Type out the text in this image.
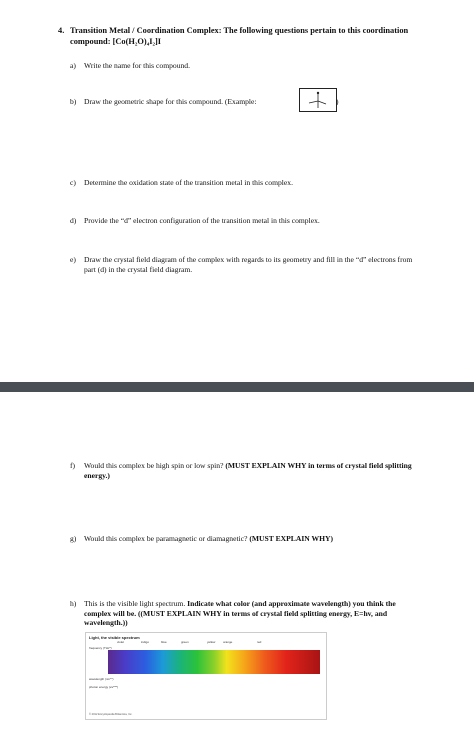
4. Transition Metal / Coordination Complex: The following questions pertain to this coordination compound: [Co(H₂O)₄I₂]I
a) Write the name for this compound.
b) Draw the geometric shape for this compound. (Example:	)
c) Determine the oxidation state of the transition metal in this complex.
d) Provide the “d” electron configuration of the transition metal in this complex.
e) Draw the crystal field diagram of the complex with regards to its geometry and fill in the “d” electrons from part (d) in the crystal field diagram.
f) Would this complex be high spin or low spin? (MUST EXPLAIN WHY in terms of crystal field splitting energy.)
g) Would this complex be paramagnetic or diamagnetic? (MUST EXPLAIN WHY)
h) This is the visible light spectrum. Indicate what color (and approximate wavelength) you think the complex will be. ((MUST EXPLAIN WHY in terms of crystal field splitting energy, E=hv, and wavelength.))
Light, the visible spectrum
violet	indigo	blue	green	yellow	orange	red
frequency (THz*)
wavelength (nm**)
photon energy (eV***)
© 2012 Encyclopædia Britannica, Inc.
